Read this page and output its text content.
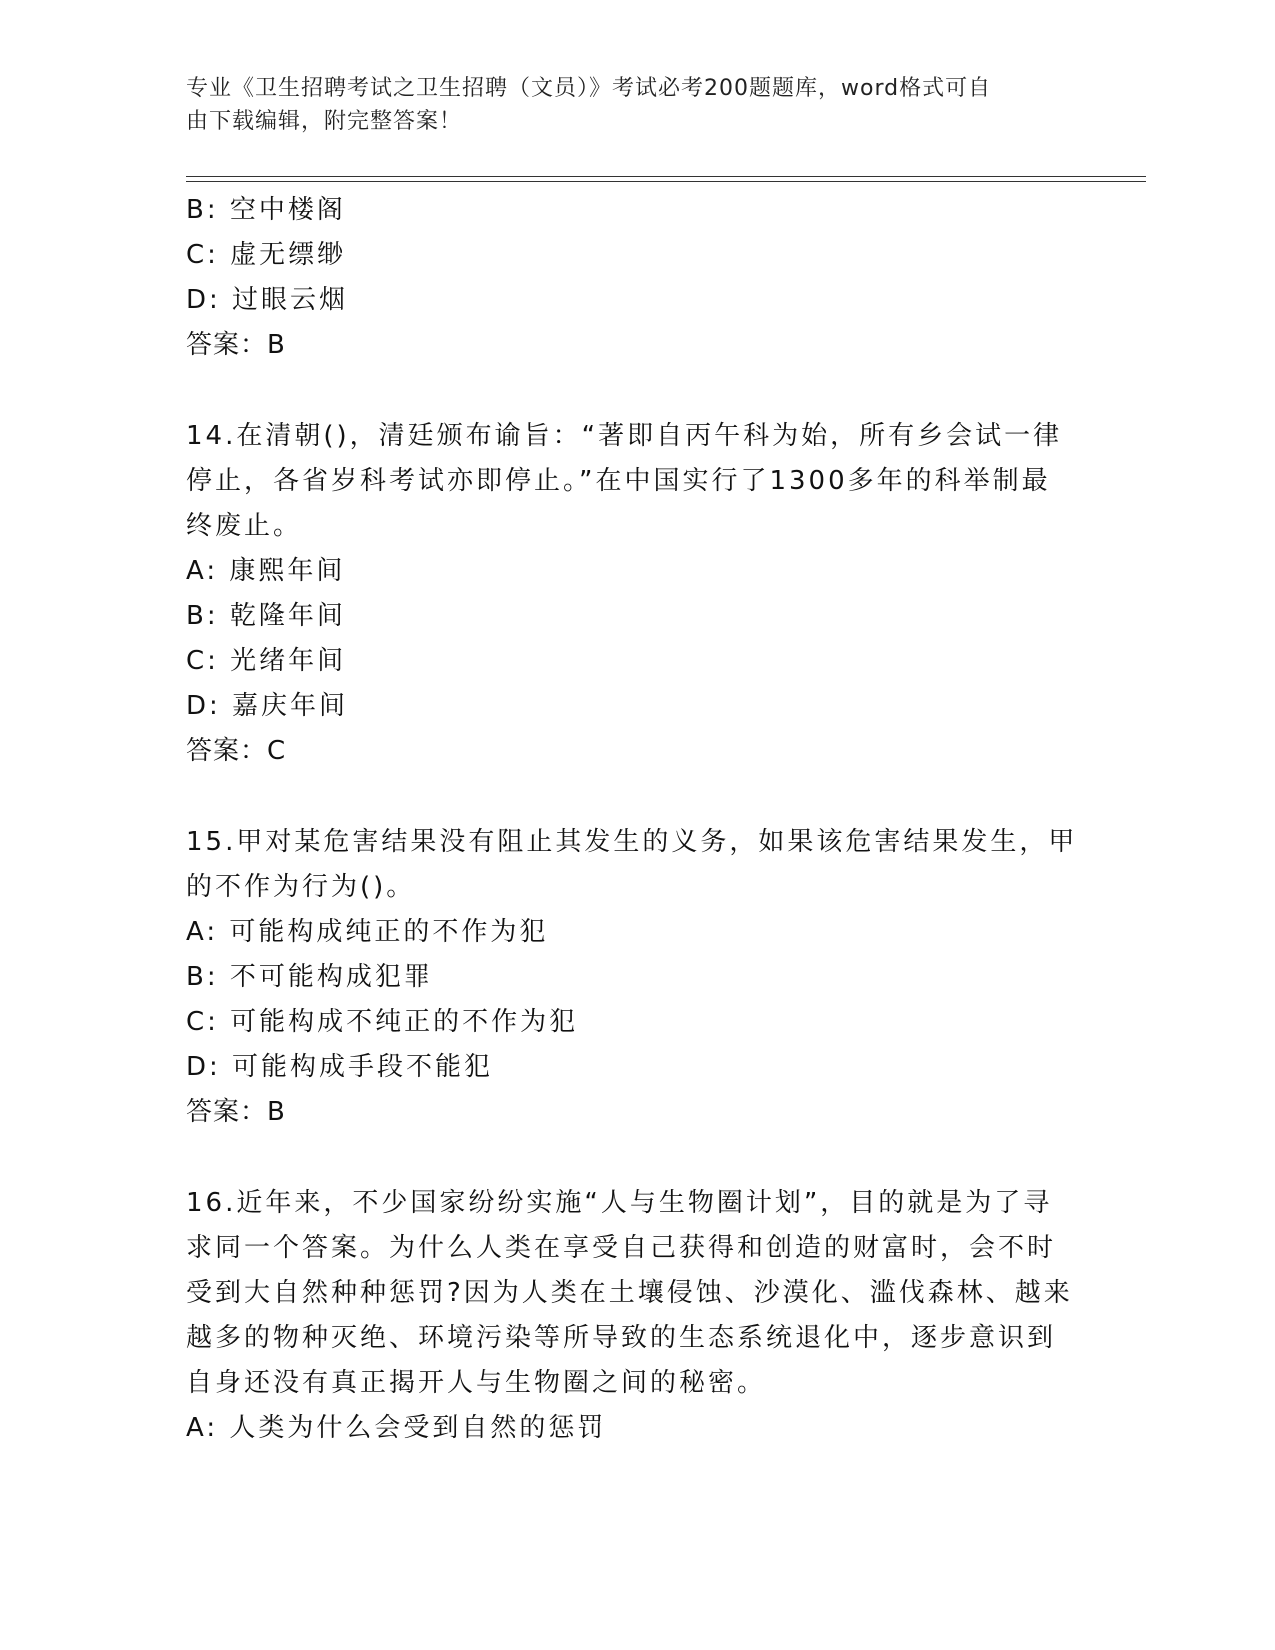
专业《卫生招聘考试之卫生招聘（文员）》考试必考200题题库，word格式可自
由下载编辑，附完整答案！
B: 空中楼阁
C: 虚无缥缈
D: 过眼云烟
答案：B
14.在清朝()，清廷颁布谕旨：“著即自丙午科为始，所有乡会试一律
停止，各省岁科考试亦即停止。”在中国实行了1300多年的科举制最
终废止。
A: 康熙年间
B: 乾隆年间
C: 光绪年间
D: 嘉庆年间
答案：C
15.甲对某危害结果没有阻止其发生的义务，如果该危害结果发生，甲
的不作为行为()。
A: 可能构成纯正的不作为犯
B: 不可能构成犯罪
C: 可能构成不纯正的不作为犯
D: 可能构成手段不能犯
答案：B
16.近年来，不少国家纷纷实施“人与生物圈计划”，目的就是为了寻
求同一个答案。为什么人类在享受自己获得和创造的财富时，会不时
受到大自然种种惩罚?因为人类在土壤侵蚀、沙漠化、滥伐森林、越来
越多的物种灭绝、环境污染等所导致的生态系统退化中，逐步意识到
自身还没有真正揭开人与生物圈之间的秘密。
A: 人类为什么会受到自然的惩罚
